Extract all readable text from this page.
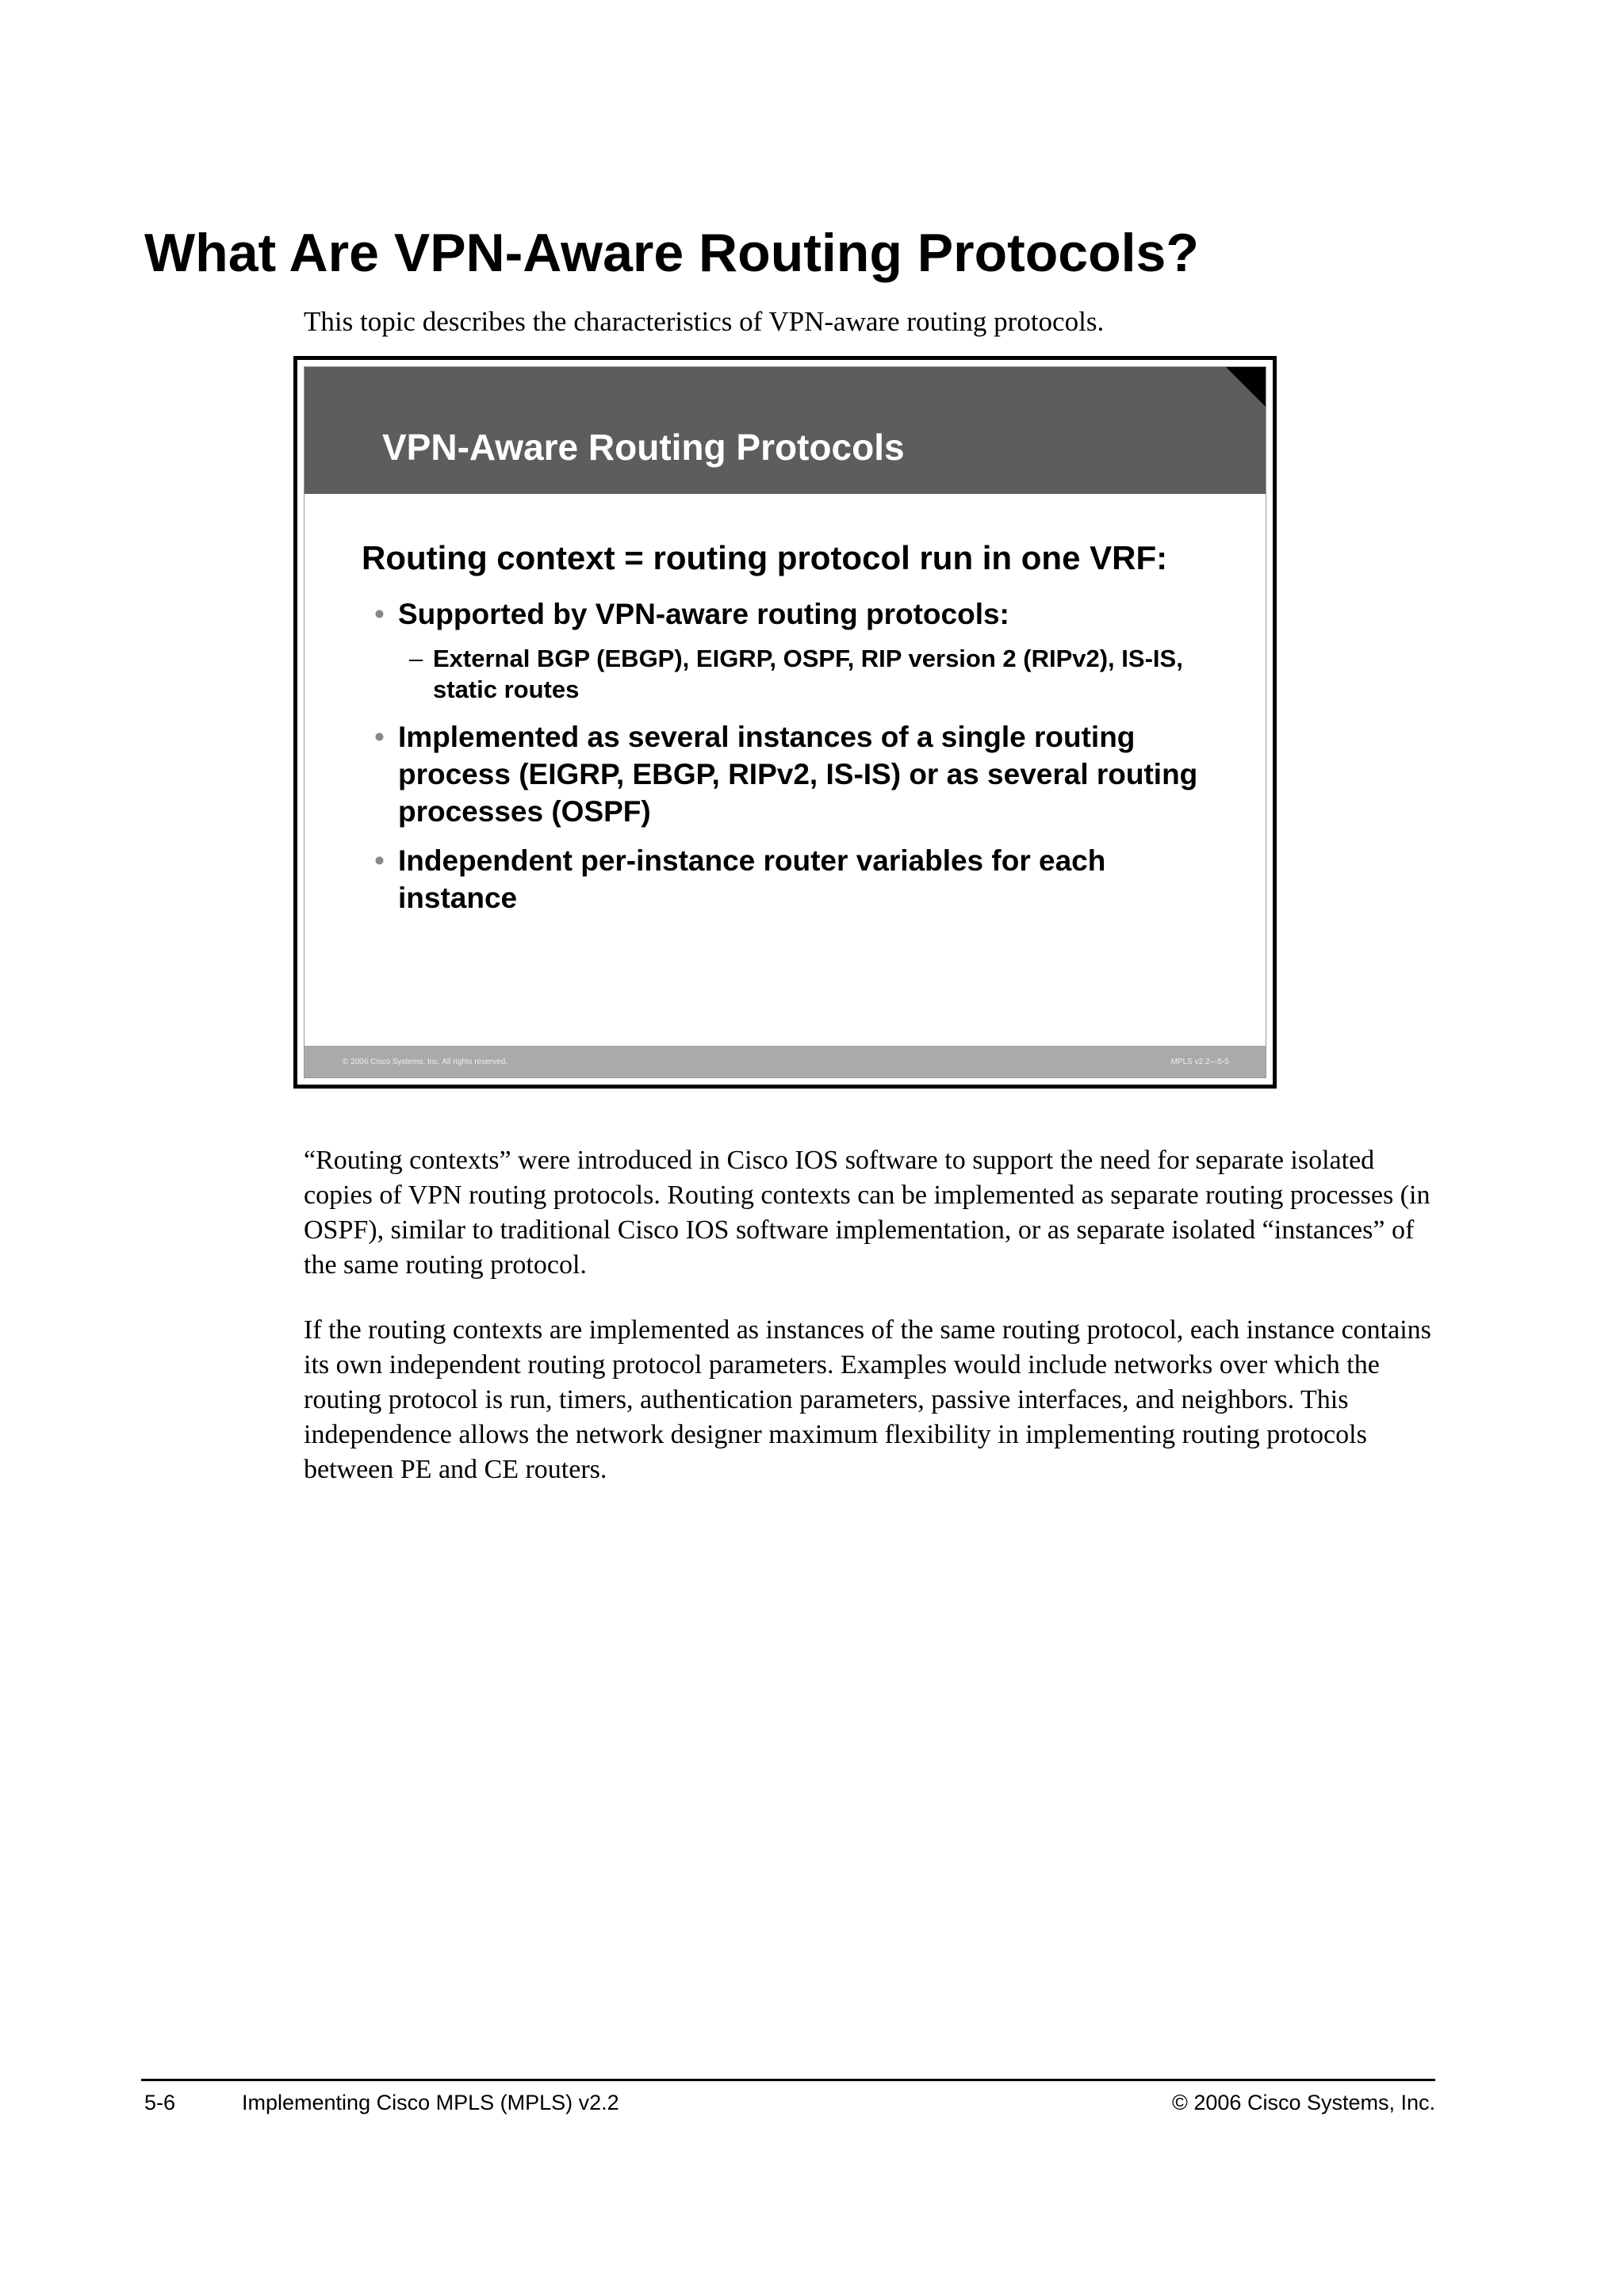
What Are VPN-Aware Routing Protocols?

This topic describes the characteristics of VPN-aware routing protocols.

VPN-Aware Routing Protocols

Routing context = routing protocol run in one VRF:

• Supported by VPN-aware routing protocols:
– External BGP (EBGP), EIGRP, OSPF, RIP version 2 (RIPv2), IS-IS, static routes
• Implemented as several instances of a single routing process (EIGRP, EBGP, RIPv2, IS-IS) or as several routing processes (OSPF)
• Independent per-instance router variables for each instance
© 2006 Cisco Systems, Inc. All rights reserved.	MPLS v2.2—5-5

“Routing contexts” were introduced in Cisco IOS software to support the need for separate isolated copies of VPN routing protocols. Routing contexts can be implemented as separate routing processes (in OSPF), similar to traditional Cisco IOS software implementation, or as separate isolated “instances” of the same routing protocol.

If the routing contexts are implemented as instances of the same routing protocol, each instance contains its own independent routing protocol parameters. Examples would include networks over which the routing protocol is run, timers, authentication parameters, passive interfaces, and neighbors. This independence allows the network designer maximum flexibility in implementing routing protocols between PE and CE routers.

5-6	Implementing Cisco MPLS (MPLS) v2.2	© 2006 Cisco Systems, Inc.
